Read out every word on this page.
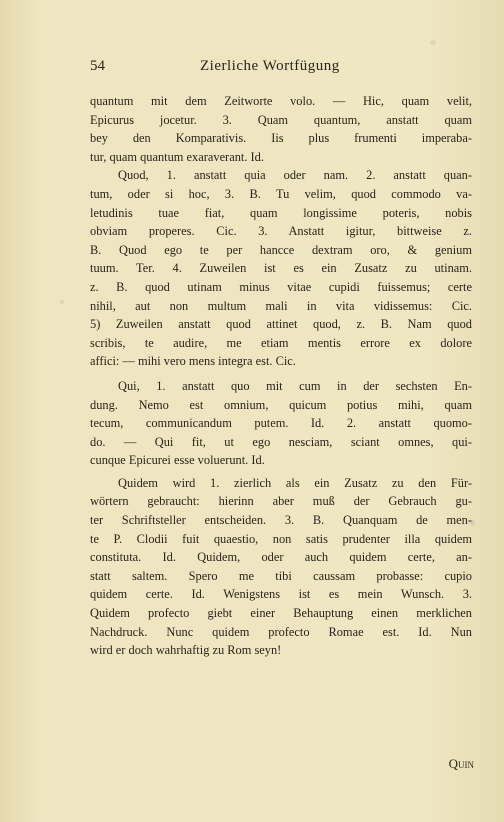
54	Zierliche Wortfügung
quantum mit dem Zeitworte volo. — Hic, quam velit,
Epicurus jocetur. 3. Quam quantum, anstatt quam
bey den Komparativis. Iis plus frumenti imperaba-
tur, quam quantum exaraverant. Id.
Quod, 1. anstatt quia oder nam. 2. anstatt quan-
tum, oder si hoc, 3. B. Tu velim, quod commodo va-
letudinis tuae fiat, quam longissime poteris, nobis
obviam properes. Cic. 3. Anstatt igitur, bittweise z.
B. Quod ego te per hancce dextram oro, & genium
tuum. Ter. 4. Zuweilen ist es ein Zusatz zu utinam.
z. B. quod utinam minus vitae cupidi fuissemus; certe
nihil, aut non multum mali in vita vidissemus: Cic.
5) Zuweilen anstatt quod attinet quod, z. B. Nam quod
scribis, te audire, me etiam mentis errore ex dolore
affici: — mihi vero mens integra est. Cic.
Qui, 1. anstatt quo mit cum in der sechsten En-
dung. Nemo est omnium, quicum potius mihi, quam
tecum, communicandum putem. Id. 2. anstatt quomo-
do. — Qui fit, ut ego nesciam, sciant omnes, qui-
cunque Epicurei esse voluerunt. Id.
Quidem wird 1. zierlich als ein Zusatz zu den Für-
wörtern gebraucht: hierinn aber muß der Gebrauch gu-
ter Schriftsteller entscheiden. 3. B. Quanquam de men-
te P. Clodii fuit quaestio, non satis prudenter illa quidem
constituta. Id. Quidem, oder auch quidem certe, an-
statt saltem. Spero me tibi caussam probasse: cupio
quidem certe. Id. Wenigstens ist es mein Wunsch. 3.
Quidem profecto giebt einer Behauptung einen merklichen
Nachdruck. Nunc quidem profecto Romae est. Id. Nun
wird er doch wahrhaftig zu Rom seyn!
Quin
